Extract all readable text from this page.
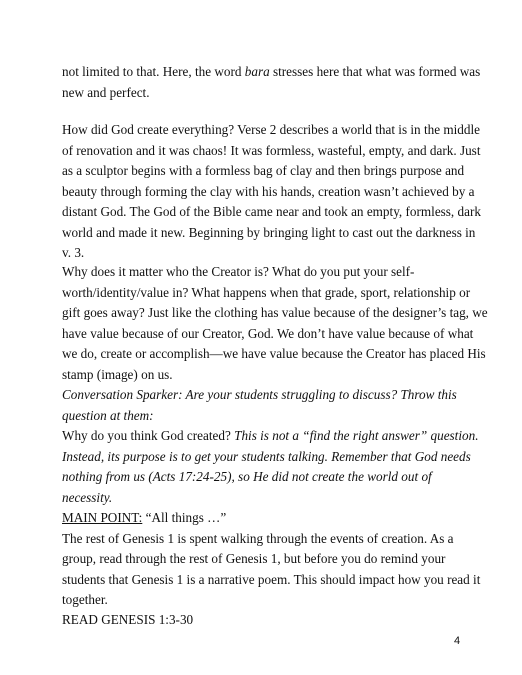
not limited to that. Here, the word bara stresses here that what was formed was
new and perfect.

How did God create everything? Verse 2 describes a world that is in the middle
of renovation and it was chaos! It was formless, wasteful, empty, and dark. Just
as a sculptor begins with a formless bag of clay and then brings purpose and
beauty through forming the clay with his hands, creation wasn’t achieved by a
distant God. The God of the Bible came near and took an empty, formless, dark
world and made it new. Beginning by bringing light to cast out the darkness in
v. 3.

Why does it matter who the Creator is? What do you put your self-
worth/identity/value in? What happens when that grade, sport, relationship or
gift goes away? Just like the clothing has value because of the designer’s tag, we
have value because of our Creator, God. We don’t have value because of what
we do, create or accomplish—we have value because the Creator has placed His
stamp (image) on us.

Conversation Sparker: Are your students struggling to discuss? Throw this
question at them:

Why do you think God created? This is not a “find the right answer” question.
Instead, its purpose is to get your students talking. Remember that God needs
nothing from us (Acts 17:24-25), so He did not create the world out of
necessity.

MAIN POINT: “All things …”
The rest of Genesis 1 is spent walking through the events of creation. As a
group, read through the rest of Genesis 1, but before you do remind your
students that Genesis 1 is a narrative poem. This should impact how you read it
together.

READ GENESIS 1:3-30

4
